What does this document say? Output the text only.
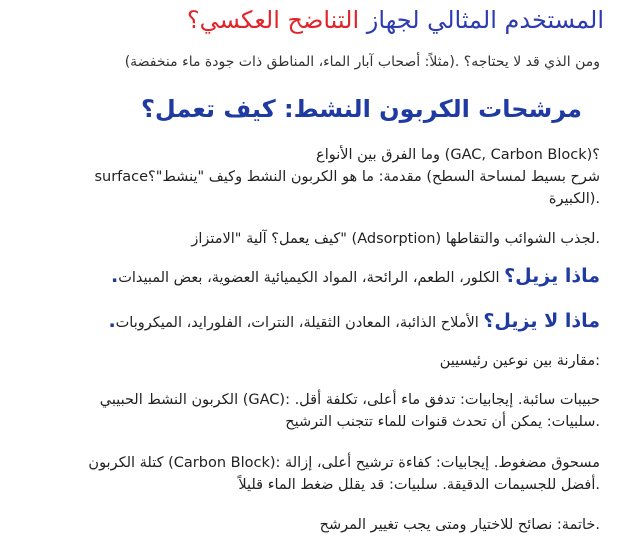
المستخدم المثالي لجهاز التناضح العكسي؟
ومن الذي قد لا يحتاجه؟ .(مثلاً: أصحاب آبار الماء، المناطق ذات جودة ماء منخفضة)
مرشحات الكربون النشط: كيف تعمل؟
؟(GAC, Carbon Block) وما الفرق بين الأنواع
surfaceشرح بسيط لمساحة السطح) مقدمة: ما هو الكربون النشط وكيف "ينشط"؟
.(الكبيرة
.لجذب الشوائب والتقاطها (Adsorption) "كيف يعمل؟ آلية "الامتزاز
ماذا يزيل؟ الكلور، الطعم، الرائحة، المواد الكيميائية العضوية، بعض المبيدات.
ماذا لا يزيل؟ الأملاح الذائبة، المعادن الثقيلة، النترات، الفلورايد، الميكروبات.
:مقارنة بين نوعين رئيسيين
حبيبات سائبة. إيجابيات: تدفق ماء أعلى، تكلفة أقل. :(GAC) الكربون النشط الحبيبي
.سلبيات: يمكن أن تحدث قنوات للماء تتجنب الترشيح
مسحوق مضغوط. إيجابيات: كفاءة ترشيح أعلى، إزالة :(Carbon Block) كتلة الكربون
.أفضل للجسيمات الدقيقة. سلبيات: قد يقلل ضغط الماء قليلاً
.خاتمة: نصائح للاختيار ومتى يجب تغيير المرشح
